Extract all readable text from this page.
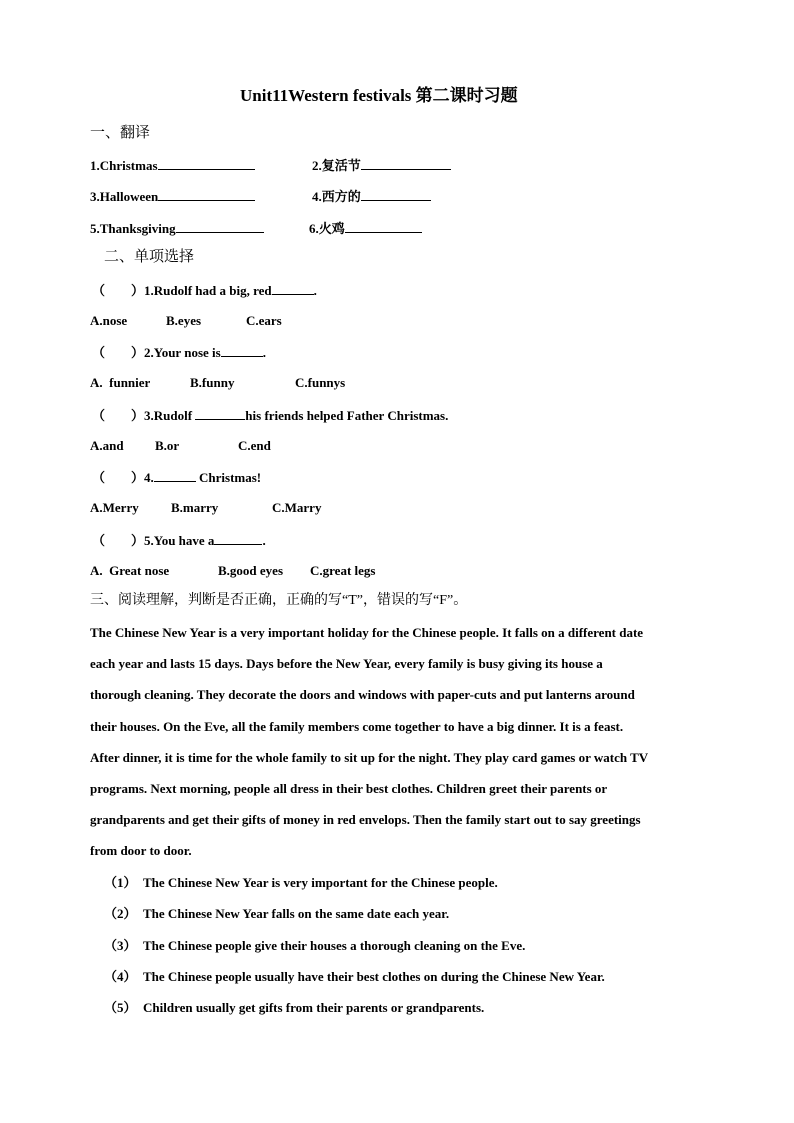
Unit11Western festivals 第二课时习题
一、翻译
1.Christmas	2.复活节
3.Halloween	4.西方的
5.Thanksgiving	6.火鸡
二、单项选择
（　　）1.Rudolf had a big, red	.
A.nose	B.eyes	C.ears
（　　）2.Your nose is	.
A.  funnier	B.funny	C.funnys
（　　）3.Rudolf	his friends helped Father Christmas.
A.and B.or	C.end
（　　）4.	Christmas!
A.Merry B.marry	C.Marry
（　　）5.You have a	.
A.  Great nose	B.good eyes C.great legs
三、阅读理解，判断是否正确，正确的写“T”，错误的写“F”。
The Chinese New Year is a very important holiday for the Chinese people. It falls on a different date
each year and lasts 15 days. Days before the New Year, every family is busy giving its house a
thorough cleaning. They decorate the doors and windows with paper-cuts and put lanterns around
their houses. On the Eve, all the family members come together to have a big dinner. It is a feast.
After dinner, it is time for the whole family to sit up for the night. They play card games or watch TV
programs. Next morning, people all dress in their best clothes. Children greet their parents or
grandparents and get their gifts of money in red envelops. Then the family start out to say greetings
from door to door.
（1） The Chinese New Year is very important for the Chinese people.
（2） The Chinese New Year falls on the same date each year.
（3） The Chinese people give their houses a thorough cleaning on the Eve.
（4） The Chinese people usually have their best clothes on during the Chinese New Year.
（5） Children usually get gifts from their parents or grandparents.
